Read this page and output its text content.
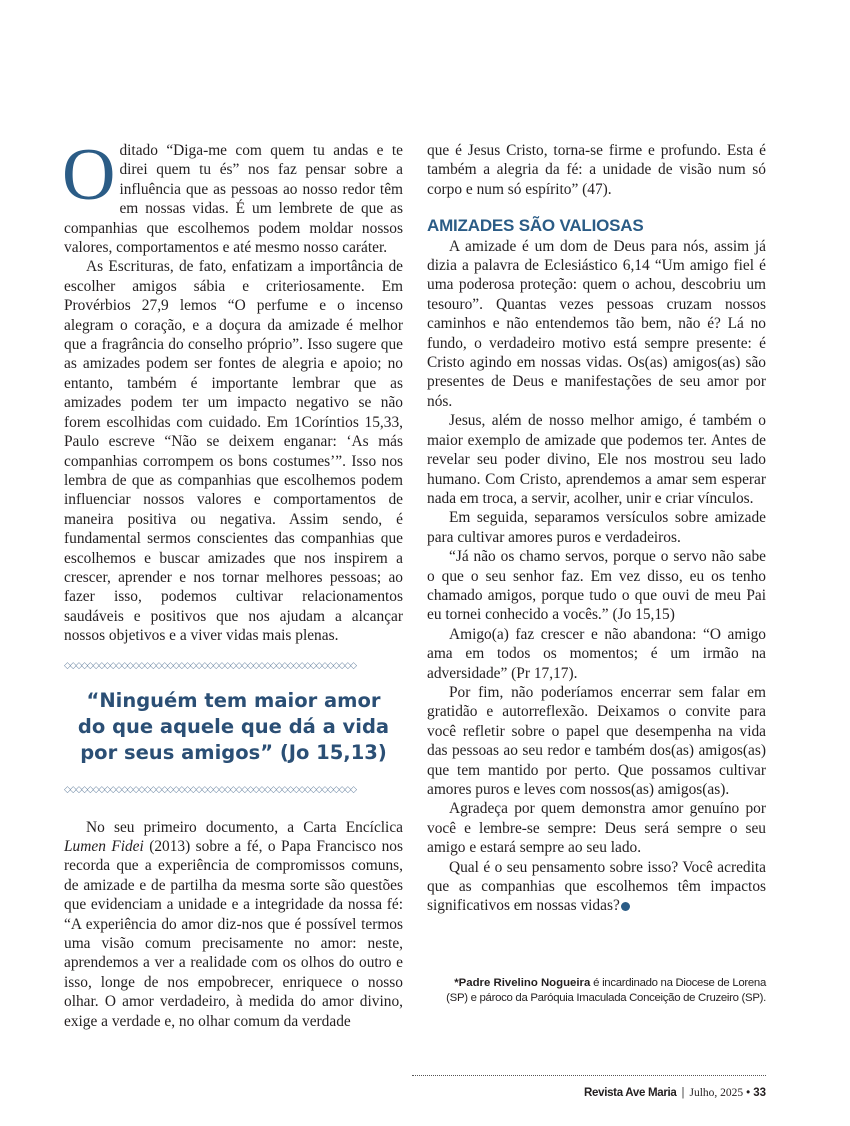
Oditado “Diga-me com quem tu andas e te direi quem tu és” nos faz pensar sobre a influência que as pessoas ao nosso redor têm em nossas vidas. É um lembrete de que as companhias que escolhemos podem moldar nossos valores, comportamentos e até mesmo nosso caráter.

As Escrituras, de fato, enfatizam a importância de escolher amigos sábia e criteriosamente. Em Provérbios 27,9 lemos “O perfume e o incenso alegram o coração, e a doçura da amizade é melhor que a fragrância do conselho próprio”. Isso sugere que as amizades podem ser fontes de alegria e apoio; no entanto, também é importante lembrar que as amizades podem ter um impacto negativo se não forem escolhidas com cuidado. Em 1Coríntios 15,33, Paulo escreve “Não se deixem enganar: ‘As más companhias corrompem os bons costumes’”. Isso nos lembra de que as companhias que escolhemos podem influenciar nossos valores e comportamentos de maneira positiva ou negativa. Assim sendo, é fundamental sermos conscientes das companhias que escolhemos e buscar amizades que nos inspirem a crescer, aprender e nos tornar melhores pessoas; ao fazer isso, podemos cultivar relacionamentos saudáveis e positivos que nos ajudam a alcançar nossos objetivos e a viver vidas mais plenas.

◇◇◇◇◇◇◇◇◇◇◇◇◇◇◇◇◇◇◇◇◇◇◇◇◇◇◇◇◇◇◇◇◇◇◇◇◇◇◇◇◇◇◇◇◇◇◇◇◇◇◇
“Ninguém tem maior amor
do que aquele que dá a vida
por seus amigos” (Jo 15,13)
◇◇◇◇◇◇◇◇◇◇◇◇◇◇◇◇◇◇◇◇◇◇◇◇◇◇◇◇◇◇◇◇◇◇◇◇◇◇◇◇◇◇◇◇◇◇◇◇◇◇◇

No seu primeiro documento, a Carta Encíclica Lumen Fidei (2013) sobre a fé, o Papa Francisco nos recorda que a experiência de compromissos comuns, de amizade e de partilha da mesma sorte são questões que evidenciam a unidade e a integridade da nossa fé: “A experiência do amor diz-nos que é possível termos uma visão comum precisamente no amor: neste, aprendemos a ver a realidade com os olhos do outro e isso, longe de nos empobrecer, enriquece o nosso olhar. O amor verdadeiro, à medida do amor divino, exige a verdade e, no olhar comum da verdade

que é Jesus Cristo, torna-se firme e profundo. Esta é também a alegria da fé: a unidade de visão num só corpo e num só espírito” (47).

AMIZADES SÃO VALIOSAS

A amizade é um dom de Deus para nós, assim já dizia a palavra de Eclesiástico 6,14 “Um amigo fiel é uma poderosa proteção: quem o achou, descobriu um tesouro”. Quantas vezes pessoas cruzam nossos caminhos e não entendemos tão bem, não é? Lá no fundo, o verdadeiro motivo está sempre presente: é Cristo agindo em nossas vidas. Os(as) amigos(as) são presentes de Deus e manifestações de seu amor por nós.

Jesus, além de nosso melhor amigo, é também o maior exemplo de amizade que podemos ter. Antes de revelar seu poder divino, Ele nos mostrou seu lado humano. Com Cristo, aprendemos a amar sem esperar nada em troca, a servir, acolher, unir e criar vínculos.

Em seguida, separamos versículos sobre amizade para cultivar amores puros e verdadeiros.

“Já não os chamo servos, porque o servo não sabe o que o seu senhor faz. Em vez disso, eu os tenho chamado amigos, porque tudo o que ouvi de meu Pai eu tornei conhecido a vocês.” (Jo 15,15)

Amigo(a) faz crescer e não abandona: “O amigo ama em todos os momentos; é um irmão na adversidade” (Pr 17,17).

Por fim, não poderíamos encerrar sem falar em gratidão e autorreflexão. Deixamos o convite para você refletir sobre o papel que desempenha na vida das pessoas ao seu redor e também dos(as) amigos(as) que tem mantido por perto. Que possamos cultivar amores puros e leves com nossos(as) amigos(as).

Agradeça por quem demonstra amor genuíno por você e lembre-se sempre: Deus será sempre o seu amigo e estará sempre ao seu lado.

Qual é o seu pensamento sobre isso? Você acredita que as companhias que escolhemos têm impactos significativos em nossas vidas?

*Padre Rivelino Nogueira é incardinado na Diocese de Lorena (SP) e pároco da Paróquia Imaculada Conceição de Cruzeiro (SP).
Revista Ave Maria | Julho, 2025 • 33
